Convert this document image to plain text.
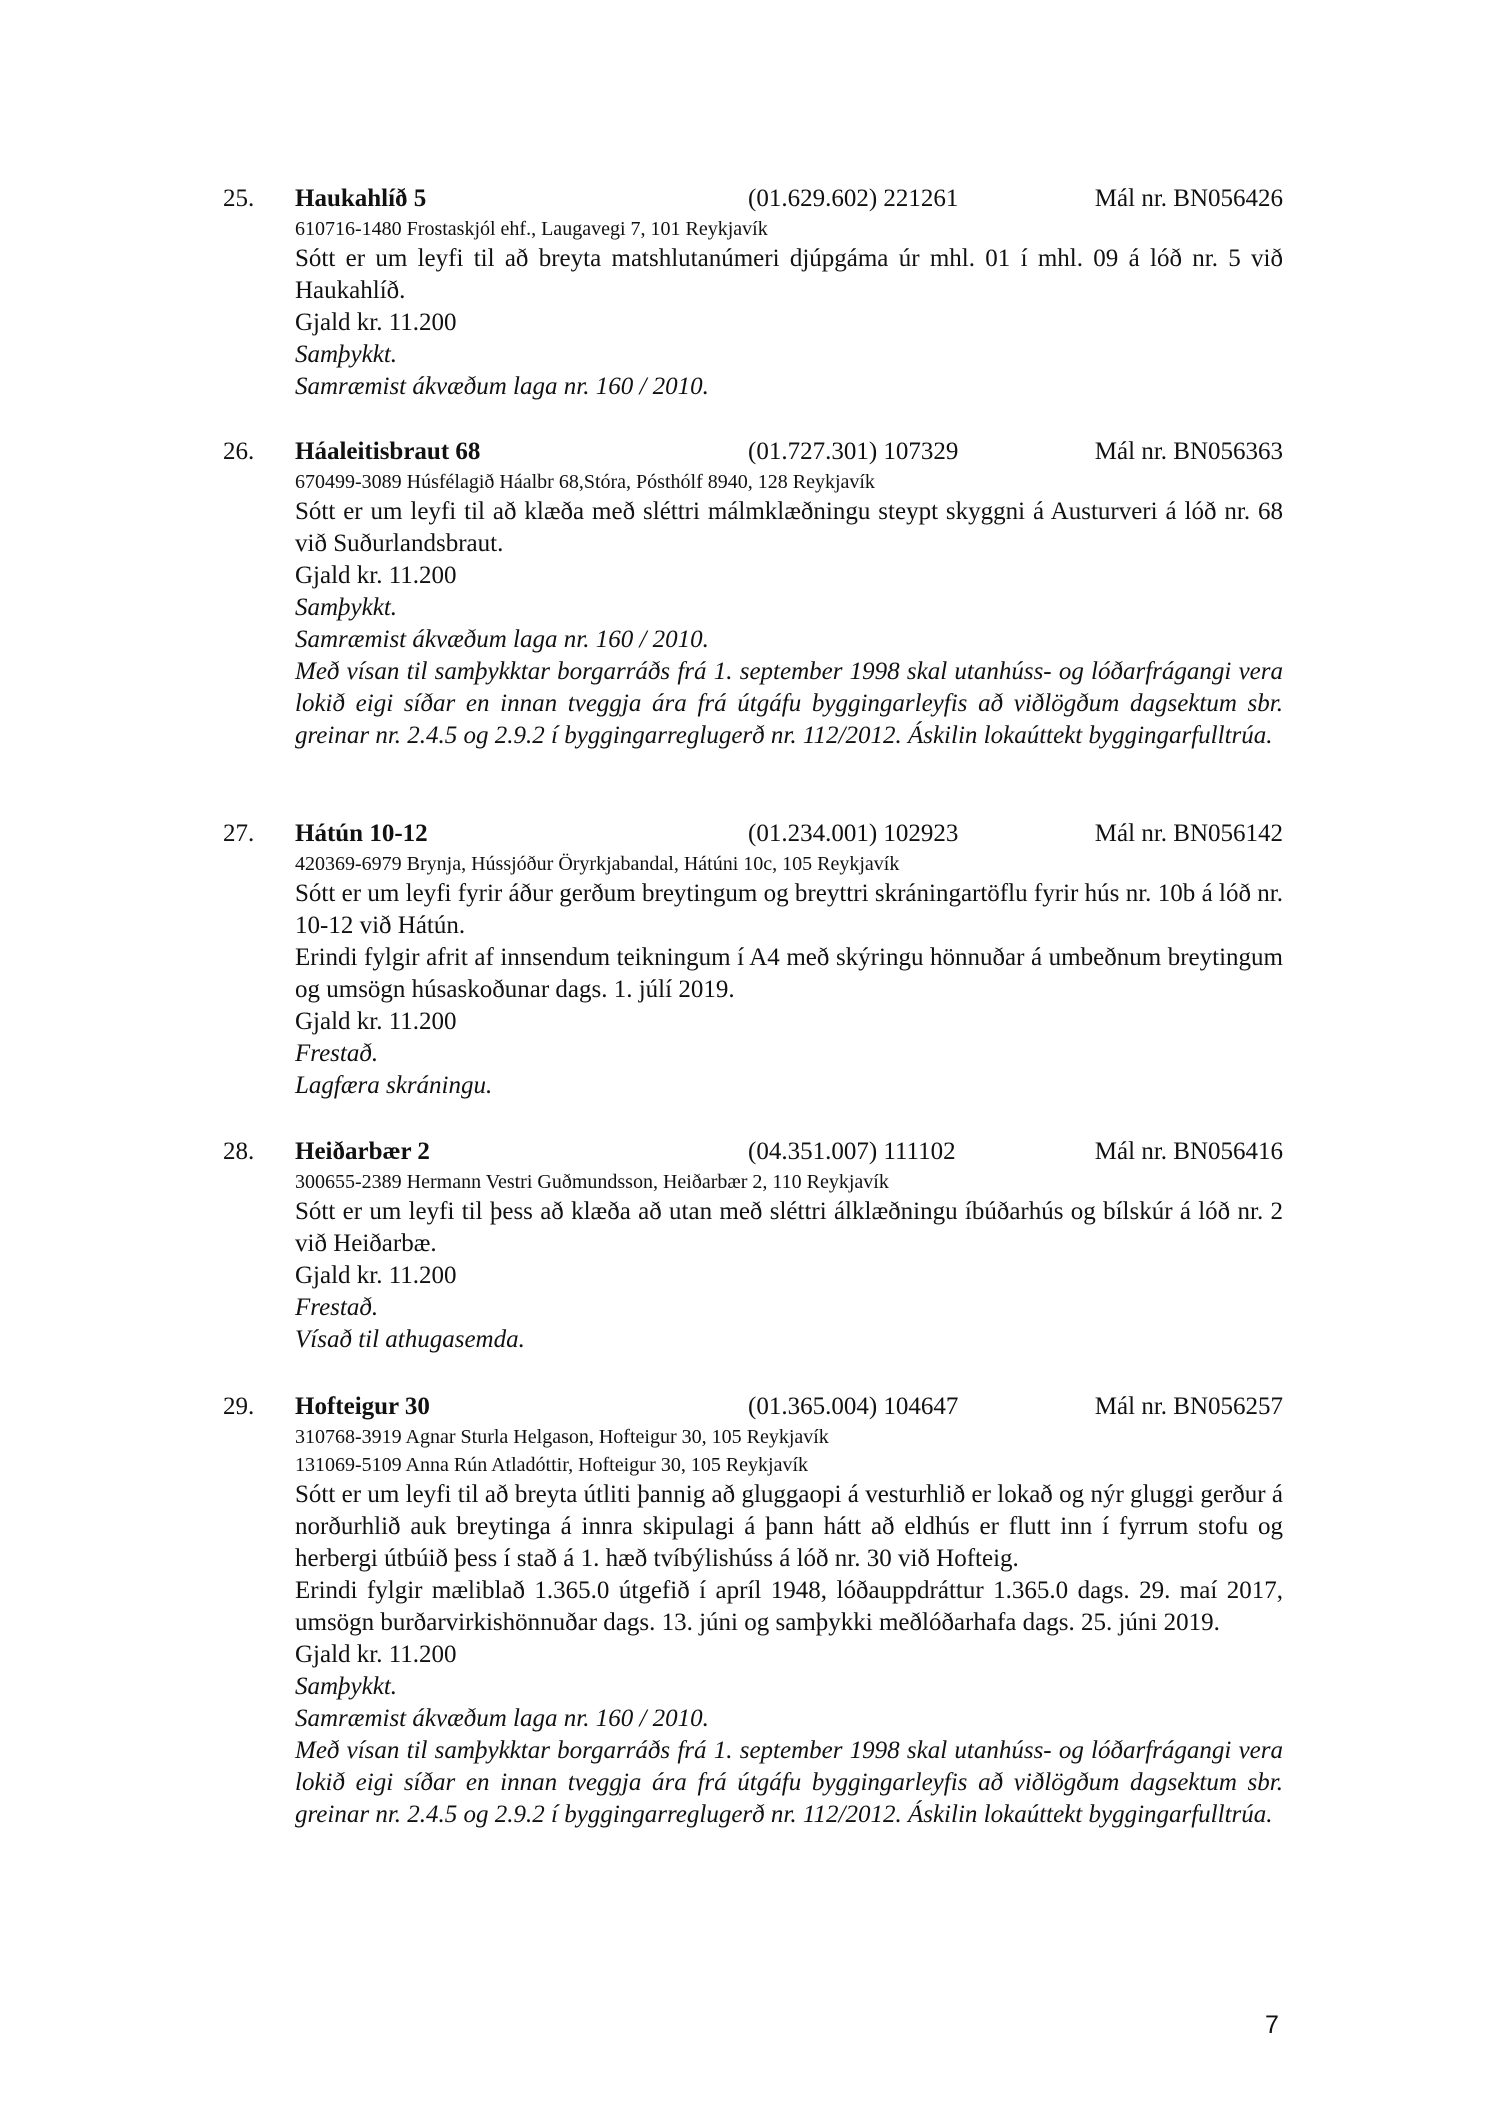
25. Haukahlíð 5	(01.629.602) 221261	Mál nr. BN056426
610716-1480 Frostaskjól ehf., Laugavegi 7, 101 Reykjavík
Sótt er um leyfi til að breyta matshlutanúmeri djúpgáma úr mhl. 01 í mhl. 09 á lóð nr. 5 við Haukahlíð.
Gjald kr. 11.200
Samþykkt.
Samræmist ákvæðum laga nr. 160 / 2010.
26. Háaleitisbraut 68	(01.727.301) 107329	Mál nr. BN056363
670499-3089 Húsfélagið Háalbr 68,Stóra, Pósthólf 8940, 128 Reykjavík
Sótt er um leyfi til að klæða með sléttri málmklæðningu steypt skyggni á Austurveri á lóð nr. 68 við Suðurlandsbraut.
Gjald kr. 11.200
Samþykkt.
Samræmist ákvæðum laga nr. 160 / 2010.
Með vísan til samþykktar borgarráðs frá 1. september 1998 skal utanhúss- og lóðarfrágangi vera lokið eigi síðar en innan tveggja ára frá útgáfu byggingarleyfis að viðlögðum dagsektum sbr. greinar nr. 2.4.5 og 2.9.2 í byggingarreglugerð nr. 112/2012. Áskilin lokaúttekt byggingarfulltrúa.
27. Hátún 10-12	(01.234.001) 102923	Mál nr. BN056142
420369-6979 Brynja, Hússjóður Öryrkjabandal, Hátúni 10c, 105 Reykjavík
Sótt er um leyfi fyrir áður gerðum breytingum og breyttri skráningartöflu fyrir hús nr. 10b á lóð nr. 10-12 við Hátún.
Erindi fylgir afrit af innsendum teikningum í A4 með skýringu hönnuðar á umbeðnum breytingum og umsögn húsaskoðunar dags. 1. júlí 2019.
Gjald kr. 11.200
Frestað.
Lagfæra skráningu.
28. Heiðarbær 2	(04.351.007) 111102	Mál nr. BN056416
300655-2389 Hermann Vestri Guðmundsson, Heiðarbær 2, 110 Reykjavík
Sótt er um leyfi til þess að klæða að utan með sléttri álklæðningu íbúðarhús og bílskúr á lóð nr. 2 við Heiðarbæ.
Gjald kr. 11.200
Frestað.
Vísað til athugasemda.
29. Hofteigur 30	(01.365.004) 104647	Mál nr. BN056257
310768-3919 Agnar Sturla Helgason, Hofteigur 30, 105 Reykjavík
131069-5109 Anna Rún Atladóttir, Hofteigur 30, 105 Reykjavík
Sótt er um leyfi til að breyta útliti þannig að gluggaopi á vesturhlið er lokað og nýr gluggi gerður á norðurhlið auk breytinga á innra skipulagi á þann hátt að eldhús er flutt inn í fyrrum stofu og herbergi útbúið þess í stað á 1. hæð tvíbýlishúss á lóð nr. 30 við Hofteig.
Erindi fylgir mæliblað 1.365.0 útgefið í apríl 1948, lóðauppdráttur 1.365.0 dags. 29. maí 2017, umsögn burðarvirkishönnuðar dags. 13. júni og samþykki meðlóðarhafa dags. 25. júni 2019.
Gjald kr. 11.200
Samþykkt.
Samræmist ákvæðum laga nr. 160 / 2010.
Með vísan til samþykktar borgarráðs frá 1. september 1998 skal utanhúss- og lóðarfrágangi vera lokið eigi síðar en innan tveggja ára frá útgáfu byggingarleyfis að viðlögðum dagsektum sbr. greinar nr. 2.4.5 og 2.9.2 í byggingarreglugerð nr. 112/2012. Áskilin lokaúttekt byggingarfulltrúa.
7
